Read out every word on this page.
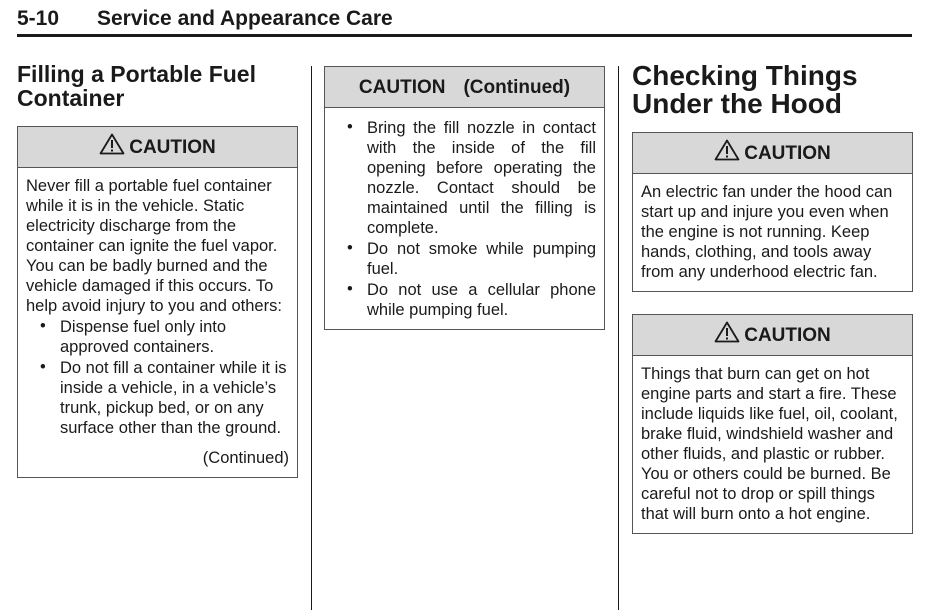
5-10 Service and Appearance Care
Filling a Portable Fuel Container
CAUTION

Never fill a portable fuel container while it is in the vehicle. Static electricity discharge from the container can ignite the fuel vapor. You can be badly burned and the vehicle damaged if this occurs. To help avoid injury to you and others:

• Dispense fuel only into approved containers.
• Do not fill a container while it is inside a vehicle, in a vehicle’s trunk, pickup bed, or on any surface other than the ground.
(Continued)
CAUTION (Continued)
• Bring the fill nozzle in contact with the inside of the fill opening before operating the nozzle. Contact should be maintained until the filling is complete.
• Do not smoke while pumping fuel.
• Do not use a cellular phone while pumping fuel.
Checking Things Under the Hood
CAUTION

An electric fan under the hood can start up and injure you even when the engine is not running. Keep hands, clothing, and tools away from any underhood electric fan.

CAUTION

Things that burn can get on hot engine parts and start a fire. These include liquids like fuel, oil, coolant, brake fluid, windshield washer and other fluids, and plastic or rubber. You or others could be burned. Be careful not to drop or spill things that will burn onto a hot engine.
